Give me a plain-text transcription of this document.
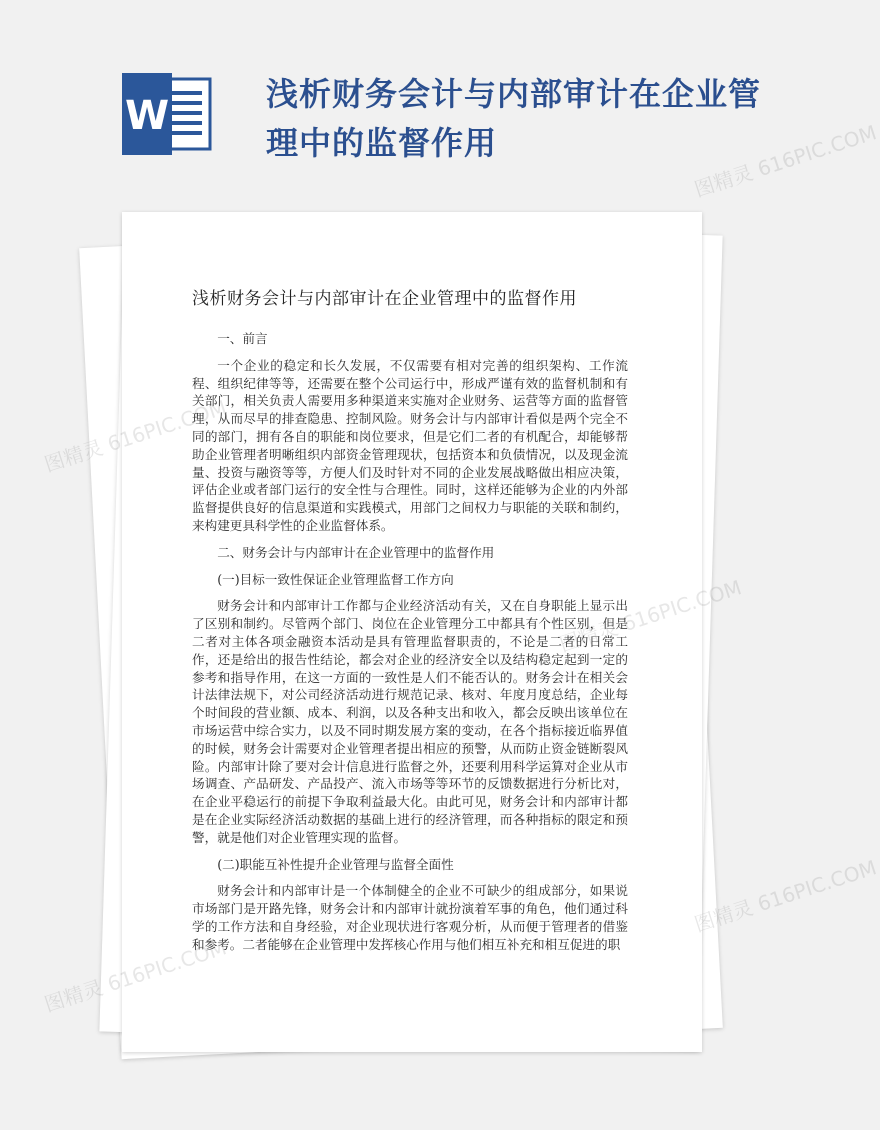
W	浅析财务会计与内部审计在企业管理中的监督作用
浅析财务会计与内部审计在企业管理中的监督作用

一、前言

一个企业的稳定和长久发展，不仅需要有相对完善的组织架构、工作流程、组织纪律等等，还需要在整个公司运行中，形成严谨有效的监督机制和有关部门，相关负责人需要用多种渠道来实施对企业财务、运营等方面的监督管理，从而尽早的排查隐患、控制风险。财务会计与内部审计看似是两个完全不同的部门，拥有各自的职能和岗位要求，但是它们二者的有机配合，却能够帮助企业管理者明晰组织内部资金管理现状，包括资本和负债情况，以及现金流量、投资与融资等等，方便人们及时针对不同的企业发展战略做出相应决策，评估企业或者部门运行的安全性与合理性。同时，这样还能够为企业的内外部监督提供良好的信息渠道和实践模式，用部门之间权力与职能的关联和制约，来构建更具科学性的企业监督体系。

二、财务会计与内部审计在企业管理中的监督作用

(一)目标一致性保证企业管理监督工作方向

财务会计和内部审计工作都与企业经济活动有关，又在自身职能上显示出了区别和制约。尽管两个部门、岗位在企业管理分工中都具有个性区别，但是二者对主体各项金融资本活动是具有管理监督职责的，不论是二者的日常工作，还是给出的报告性结论，都会对企业的经济安全以及结构稳定起到一定的参考和指导作用，在这一方面的一致性是人们不能否认的。财务会计在相关会计法律法规下，对公司经济活动进行规范记录、核对、年度月度总结，企业每个时间段的营业额、成本、利润，以及各种支出和收入，都会反映出该单位在市场运营中综合实力，以及不同时期发展方案的变动，在各个指标接近临界值的时候，财务会计需要对企业管理者提出相应的预警，从而防止资金链断裂风险。内部审计除了要对会计信息进行监督之外，还要利用科学运算对企业从市场调查、产品研发、产品投产、流入市场等等环节的反馈数据进行分析比对，在企业平稳运行的前提下争取利益最大化。由此可见，财务会计和内部审计都是在企业实际经济活动数据的基础上进行的经济管理，而各种指标的限定和预警，就是他们对企业管理实现的监督。

(二)职能互补性提升企业管理与监督全面性

财务会计和内部审计是一个体制健全的企业不可缺少的组成部分，如果说市场部门是开路先锋，财务会计和内部审计就扮演着军事的角色，他们通过科学的工作方法和自身经验，对企业现状进行客观分析，从而便于管理者的借鉴和参考。二者能够在企业管理中发挥核心作用与他们相互补充和相互促进的职

图精灵 616PIC.COM
图精灵 616PIC.COM
图精灵
图精灵
